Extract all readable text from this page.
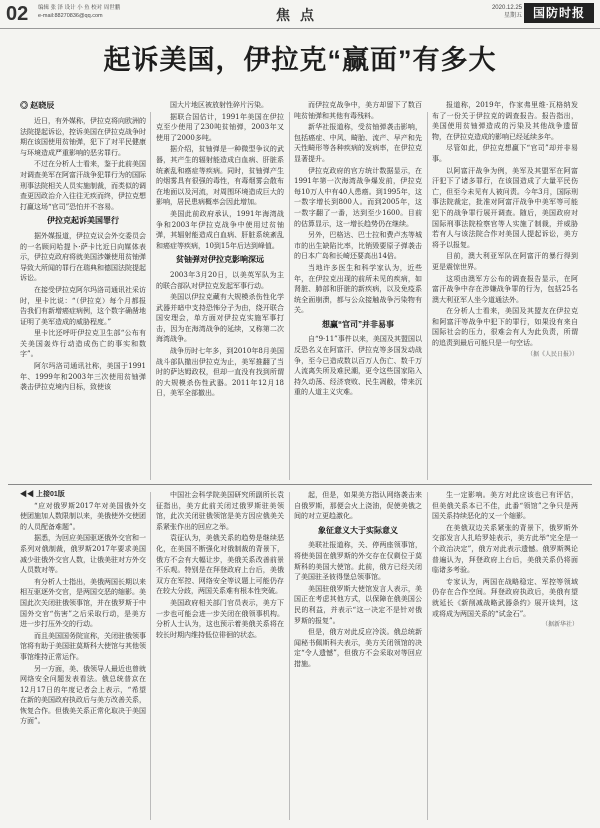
02 编辑 张 泽 设计 小 鱼 校对 周世鹏
e-mail:88270836@qq.com	焦点	2020.12.25
星期五 国防时报
起诉美国，伊拉克“赢面”有多大
◎ 赵晓辰

近日，有外媒称，伊拉克将向欧洲的法院提起诉讼，控诉美国在伊拉克战争时期在该国使用贫铀弹，犯下了对平民健康与环境造成严重影响的恶劣罪行。

不过在分析人士看来，鉴于此前美国对调查美军在阿富汗战争犯罪行为的国际刑事法院相关人员实施制裁，而类似的调查更因政治介入往往无疾而终，伊拉克想打赢这场“官司”恐怕并不容易。

伊拉克起诉美国罪行

据外媒报道，伊拉克议会外交委员会的一名顾问哈提卜·萨卡比近日向媒体表示，伊拉克政府将就美国涉嫌使用贫铀弹导致大所闻的罪行在瑞典和德国法院提起诉讼。

在接受伊拉克阿尔玛洛司通讯社采访时，里卡比说：“（伊拉克）每个月都报告我们有新增癌症病例，这个数字确凿地证明了美军造成的威胁程度。”

里卡比还呼吁伊拉克卫生部“公布有关美国轰炸行动造成伤亡的事实和数字”。

阿尔玛洛司通讯社称，美国于1991年、1999年和2003年三次使用贫铀弹袭击伊拉克境内目标，致使该

国大片地区被放射性碎片污染。

据联合国估计，1991年美国在伊拉克至少使用了230吨贫铀弹，2003年又使用了2000多吨。

据介绍，贫铀弹是一种微型争议的武器，其产生的辐射能造成白血病、肝脏系统紊乱和癌症等疾病。同时，贫铀弹产生的烟雾具有很强的毒性，有毒烟雾会散布在地面以及河流，对周围环境造成巨大的影响，居民患病概率会因此增加。

美国此前政府承认，1991年海湾战争和2003年伊拉克战争中使用过贫铀弹，其辐射能造成白血病、肝脏系统紊乱和癌症等疾病，10到15年后达到峰值。

贫铀弹对伊拉克影响深远

2003年3月20日，以美英军队为主的联合部队对伊拉克发起军事行动。

美国以伊拉克藏有大规模杀伤性化学武器并暗中支持恐怖分子为由，绕开联合国安理会，单方面对伊拉克实施军事打击，因为在海湾战争的延续，又称第二次海湾战争。

战争历时七年多，到2010年8月美国战斗部队撤出伊拉克为止，美军推翻了当时的萨达姆政权，但却一直没有找到所谓的大规模杀伤性武器。2011年12月18日，美军全部撤出。

而伊拉克战争中，美方却留下了数百吨贫铀弹和其他有毒残料。

新华社报道称，受贫铀弹袭击影响，包括癌症、中风、畸胎、流产、早产和先天性畸形等各种疾病的发病率，在伊拉克显著提升。

伊拉克政府的官方统计数据显示，在1991年第一次海湾战争爆发前，伊拉克每10万人中有40人患癌。到1995年，这一数字增长到800人。而到2005年，这一数字翻了一番，达到至少1600。目前的估算显示，这一增长趋势仍在继续。

另外，巴格达、巴士拉和费卢杰等城市的出生缺陷比率，比销毁要原子弹袭击的日本广岛和长崎还要高出14倍。

当地许多医生和科学家认为，近些年，在伊拉克出现的前所未见的疾病，如肾脏、肺部和肝脏的新疾病，以及免疫系统全面崩溃，都与公众接触战争污染物有关。

想赢“官司”并非易事

自“9·11”事件以来，美国及其盟国以反恐名义在阿富汗、伊拉克等多国发动战争，至今已造成数以百万人伤亡、数千万人流离失所及难民潮，更令这些国家陷入持久动荡、经济衰败、民生凋敝，带来沉重的人道主义灾难。

报道称，2019年，作家弗里维·瓦格纳发布了一份关于伊拉克的调查报告。报告指出，美国使用贫铀弹造成的污染及其他战争遗留物，在伊拉克造成的影响已经延续多年。

尽管如此，伊拉克想赢下“官司”却并非易事。

以阿富汗战争为例，美军及其盟军在阿富汗犯下了诸多罪行，在该国造成了大量平民伤亡，但至今未见有人被问责。今年3月，国际刑事法院裁定，批准对阿富汗战争中美军等可能犯下的战争罪行展开调查。随后，美国政府对国际刑事法院检察官等人实施了制裁，并威胁若有人与该法院合作对美国人提起诉讼，美方将予以报复。

目前，澳大利亚军队在阿富汗的暴行得到更是震惊世界。

这项由澳军方公布的调查报告显示，在阿富汗战争中存在涉嫌战争罪的行为，包括25名澳大利亚军人坐今道通法外。

在分析人士看来，美国及其盟友在伊拉克和阿富汗等战争中犯下的罪行，如果没有来自国际社会的压力，很难会有人为此负责，所谓的追责到最后可能只是一句空话。

（据《人民日报》）
◀◀ 上接01版

“应对俄罗斯2017年对美国俄外交使团施加人数限制以来，美俄使外交使团的人员配备难题”。

据悉，为回应美国驱逐俄外交官和一系列对俄制裁，俄罗斯2017年要求美国减少驻俄外交官人数，让俄美驻对方外交人员数对等。

有分析人士指出，美俄两国长期以来相互驱逐外交官，是两国交恶的缩影。美国此次关闭驻俄领事馆，并在俄罗斯于中国外交官“伤害”之后采取行动，是美方进一步打压外交的行动。

而且美国国务院宣称，关闭驻俄领事馆将有助于美国驻莫斯科大使馆与其他领事馆维持正常运作。

另一方面，美、俄领导人最近也曾就网络安全问题发表看法。俄总统普京在12月17日的年度记者会上表示，“希望在新的美国政府执政后与美方改善关系，恢复合作。但俄美关系正常化取决于美国方面”。

中国社会科学院美国研究所副所长袁征指出，美方此前关闭过俄罗斯驻美领馆，此次关闭驻俄领馆是美方因应俄美关系紧张作出的回应之举。

袁征认为，美俄关系的趋势是继续恶化，在美国不断强化对俄制裁的背景下，俄方不会有大幅让步，美俄关系改善前景不乐观。特别是在拜登政府上台后，美俄双方在军控、网络安全等议题上可能仍存在较大分歧，两国关系难有根本性突破。

美国政府相关部门官员表示，美方下一步也可能会进一步关闭在俄领事机构。分析人士认为，这也预示着美俄关系将在较长时期内维持低位徘徊的状态。

起，但是，如果美方指认网络袭击来自俄罗斯，那便会火上浇油，促使美俄之间的对立更趋激化。

象征意义大于实际意义

美联社报道称，关、停两座领事馆，将使美国在俄罗斯的外交存在仅剩位于莫斯科的美国大使馆。此前，俄方已经关闭了美国驻圣彼得堡总领事馆。

美国驻俄罗斯大使馆发言人表示，美国正在考虑其他方式，以保障在俄美国公民的利益，并表示“这一决定不是针对俄罗斯的报复”。

但是，俄方对此反应冷淡。俄总统新闻秘书佩斯科夫表示，美方关闭领馆的决定“令人遗憾”，但俄方不会采取对等回应措施。

生一定影响。美方对此应该也已有评估，但美俄关系本已不佳，此番“领馆”之争只是两国关系持续恶化的又一个缩影。

在美俄双边关系紧张的背景下，俄罗斯外交部发言人扎哈罗娃表示，美方此举“完全是一个政治决定”，俄方对此表示遗憾。俄罗斯舆论普遍认为，拜登政府上台后，美俄关系仍将面临诸多考验。

专家认为，两国在战略稳定、军控等领域仍存在合作空间。拜登政府执政后，美俄有望就延长《新削减战略武器条约》展开谈判，这或将成为两国关系的“试金石”。

（据新华社）
